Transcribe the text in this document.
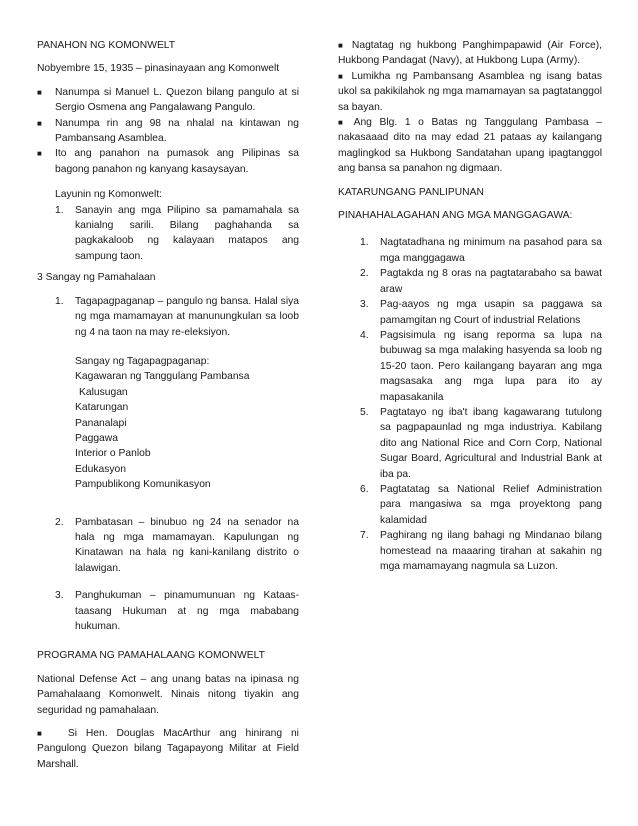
PANAHON NG KOMONWELT

Nobyembre 15, 1935 – pinasinayaan ang Komonwelt

■ Nanumpa si Manuel L. Quezon bilang pangulo at si Sergio Osmena ang Pangalawang Pangulo.
■ Nanumpa rin ang 98 na nhalal na kintawan ng Pambansang Asamblea.
■ Ito ang panahon na pumasok ang Pilipinas sa bagong panahon ng kanyang kasaysayan.

Layunin ng Komonwelt:

1. Sanayin ang mga Pilipino sa pamamahala sa kanialng sarili. Bilang paghahanda sa pagkakaloob ng kalayaan matapos ang sampung taon.

3 Sangay ng Pamahalaan

1. Tagapagpaganap – pangulo ng bansa. Halal siya ng mga mamamayan at manunungkulan sa loob ng 4 na taon na may re-eleksiyon.
Sangay ng Tagapagpaganap:
Kagawaran ng Tanggulang Pambansa
Kalusugan
Katarungan
Pananalapi
Paggawa
Interior o Panlob
Edukasyon
Pampublikong Komunikasyon
2. Pambatasan – binubuo ng 24 na senador na hala ng mga mamamayan. Kapulungan ng Kinatawan na hala ng kani-kanilang distrito o lalawigan.
3. Panghukuman – pinamumunuan ng Kataas-taasang Hukuman at ng mga mababang hukuman.

PROGRAMA NG PAMAHALAANG KOMONWELT

National Defense Act – ang unang batas na ipinasa ng Pamahalaang Komonwelt. Ninais nitong tiyakin ang seguridad ng pamahalaan.

■ Si Hen. Douglas MacArthur ang hinirang ni Pangulong Quezon bilang Tagapayong Militar at Field Marshall.

■ Nagtatag ng hukbong Panghimpapawid (Air Force), Hukbong Pandagat (Navy), at Hukbong Lupa (Army).
■ Lumikha ng Pambansang Asamblea ng isang batas ukol sa pakikilahok ng mga mamamayan sa pagtatanggol sa bayan.
■ Ang Blg. 1 o Batas ng Tanggulang Pambasa – nakasaaad dito na may edad 21 pataas ay kailangang maglingkod sa Hukbong Sandatahan upang ipagtanggol ang bansa sa panahon ng digmaan.

KATARUNGANG PANLIPUNAN

PINAHAHALAGAHAN ANG MGA MANGGAGAWA:

1. Nagtatadhana ng minimum na pasahod para sa mga manggagawa
2. Pagtakda ng 8 oras na pagtatarabaho sa bawat araw
3. Pag-aayos ng mga usapin sa paggawa sa pamamgitan ng Court of industrial Relations
4. Pagsisimula ng isang reporma sa lupa na bubuwag sa mga malaking hasyenda sa loob ng 15-20 taon. Pero kailangang bayaran ang mga magsasaka ang mga lupa para ito ay mapasakanila
5. Pagtatayo ng iba't ibang kagawarang tutulong sa pagpapaunlad ng mga industriya. Kabilang dito ang National Rice and Corn Corp, National Sugar Board, Agricultural and Industrial Bank at iba pa.
6. Pagtatatag sa National Relief Administration para mangasiwa sa mga proyektong pang kalamidad
7. Paghirang ng ilang bahagi ng Mindanao bilang homestead na maaaring tirahan at sakahin ng mga mamamayang nagmula sa Luzon.
